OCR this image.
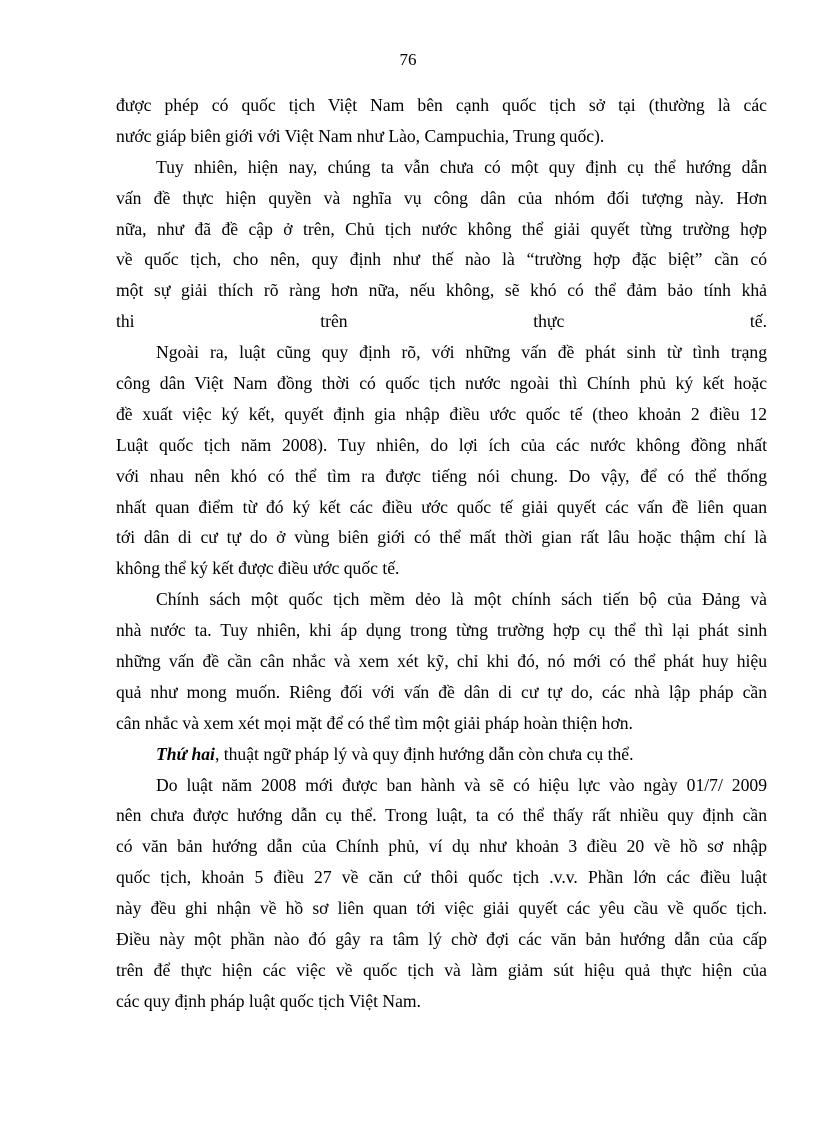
76
được phép có quốc tịch Việt Nam bên cạnh quốc tịch sở tại (thường là các
nước giáp biên giới với Việt Nam như Lào, Campuchia, Trung quốc).
Tuy nhiên, hiện nay, chúng ta vẫn chưa có một quy định cụ thể hướng dẫn
vấn đề thực hiện quyền và nghĩa vụ công dân của nhóm đối tượng này. Hơn
nữa, như đã đề cập ở trên, Chủ tịch nước không thể giải quyết từng trường hợp
về quốc tịch, cho nên, quy định như thế nào là “trường hợp đặc biệt” cần có
một sự giải thích rõ ràng hơn nữa, nếu không, sẽ khó có thể đảm bảo tính khả
thi trên thực tế.
Ngoài ra, luật cũng quy định rõ, với những vấn đề phát sinh từ tình trạng
công dân Việt Nam đồng thời có quốc tịch nước ngoài thì Chính phủ ký kết hoặc
đề xuất việc ký kết, quyết định gia nhập điều ước quốc tế (theo khoản 2 điều 12
Luật quốc tịch năm 2008). Tuy nhiên, do lợi ích của các nước không đồng nhất
với nhau nên khó có thể tìm ra được tiếng nói chung. Do vậy, để có thể thống
nhất quan điểm từ đó ký kết các điều ước quốc tế giải quyết các vấn đề liên quan
tới dân di cư tự do ở vùng biên giới có thể mất thời gian rất lâu hoặc thậm chí là
không thể ký kết được điều ước quốc tế.
Chính sách một quốc tịch mềm dẻo là một chính sách tiến bộ của Đảng và
nhà nước ta. Tuy nhiên, khi áp dụng trong từng trường hợp cụ thể thì lại phát sinh
những vấn đề cần cân nhắc và xem xét kỹ, chỉ khi đó, nó mới có thể phát huy hiệu
quả như mong muốn. Riêng đối với vấn đề dân di cư tự do, các nhà lập pháp cần
cân nhắc và xem xét mọi mặt để có thể tìm một giải pháp hoàn thiện hơn.
Thứ hai, thuật ngữ pháp lý và quy định hướng dẫn còn chưa cụ thể.
Do luật năm 2008 mới được ban hành và sẽ có hiệu lực vào ngày 01/7/ 2009
nên chưa được hướng dẫn cụ thể. Trong luật, ta có thể thấy rất nhiều quy định cần
có văn bản hướng dẫn của Chính phủ, ví dụ như khoản 3 điều 20 về hồ sơ nhập
quốc tịch, khoản 5 điều 27 về căn cứ thôi quốc tịch .v.v. Phần lớn các điều luật
này đều ghi nhận về hồ sơ liên quan tới việc giải quyết các yêu cầu về quốc tịch.
Điều này một phần nào đó gây ra tâm lý chờ đợi các văn bản hướng dẫn của cấp
trên để thực hiện các việc về quốc tịch và làm giảm sút hiệu quả thực hiện của
các quy định pháp luật quốc tịch Việt Nam.
